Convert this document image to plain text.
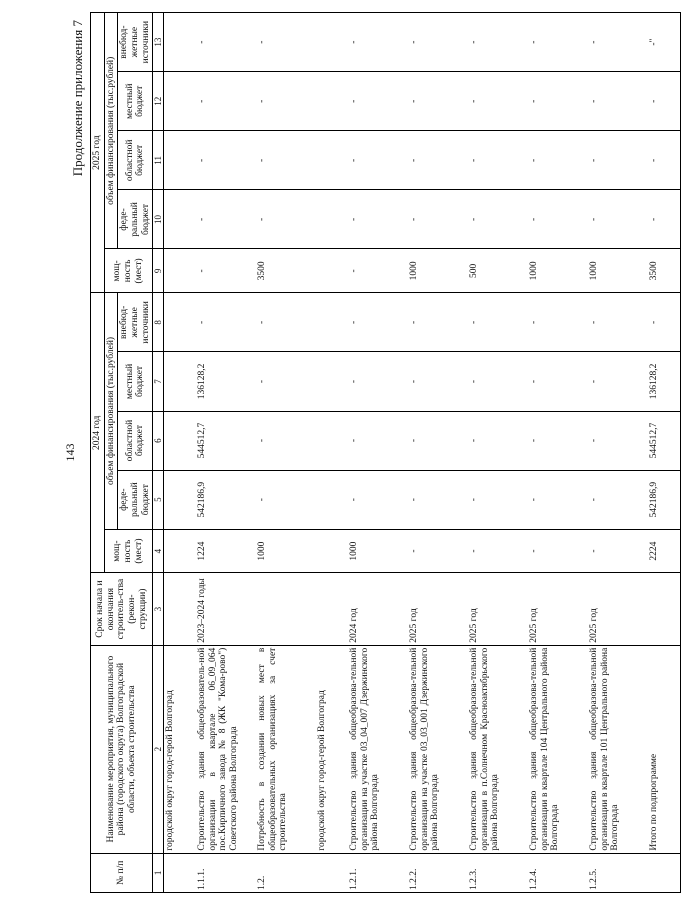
143
Продолжение приложения 7
№ п/п	Наименование мероприятия, муниципального района (городского округа) Волгоградской области, объекта строительства	Срок начала и окончания строитель-ства (рекон-струкции)	2024 год					2025 год				
			мощ-ность (мест)	объем финансирования (тыс.рублей)				мощ-ность (мест)	объем финансирования (тыс.рублей)			
				феде-ральный бюджет	областной бюджет	местный бюджет	внебюд-жетные источники		феде-ральный бюджет	областной бюджет	местный бюджет	внебюд-жетные источники
1	2	3	4	5	6	7	8	9	10	11	12	13
	городской округ город-герой Волгоград											
1.1.1.	Строительство здания общеобразователь-ной организации в квартале 06_09_064 пос.Кирпичного завода № 8 (ЖК "Кома-рово") Советского района Волгограда	2023–2024 годы	1224	542186,9	544512,7	136128,2	-	-	-	-	-	-
1.2.	Потребность в создании новых мест в общеобразовательных организациях за счет строительства		1000	-	-	-	-	3500	-	-	-	-
	городской округ город-герой Волгоград											
1.2.1.	Строительство здания общеобразова-тельной организации на участке 03_04_007 Дзержинского района Волгограда	2024 год	1000	-	-	-	-	-	-	-	-	-
1.2.2.	Строительство здания общеобразова-тельной организации на участке 03_03_001 Дзержинского района Волгограда	2025 год	-	-	-	-	-	1000	-	-	-	-
1.2.3.	Строительство здания общеобразова-тельной организации в п.Солнечном Красноактябрьского района Волгограда	2025 год	-	-	-	-	-	500	-	-	-	-
1.2.4.	Строительство здания общеобразова-тельной организации в квартале 104 Центрального района Волгограда	2025 год	-	-	-	-	-	1000	-	-	-	-
1.2.5.	Строительство здания общеобразова-тельной организации в квартале 101 Центрального района Волгограда	2025 год	-	-	-	-	-	1000	-	-	-	-
	Итого по подпрограмме		2224	542186,9	544512,7	136128,2	-	3500	-	-	-	-"
